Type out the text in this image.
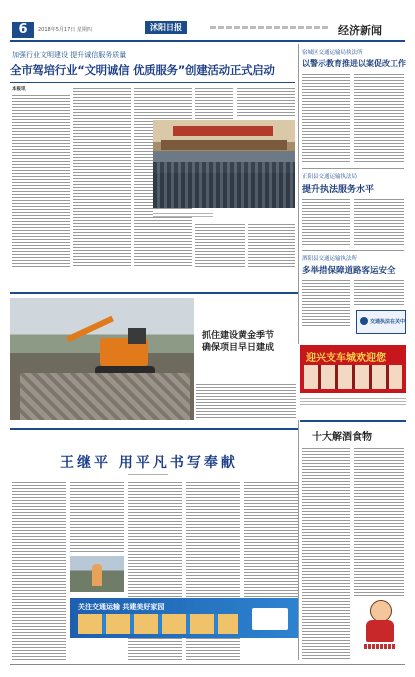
6	2018年5月17日 星期四	沭阳日报	经济新闻
加强行业文明建设 提升诚信服务质量
全市驾培行业“文明诚信 优质服务”创建活动正式启动
本报讯
宿城区交通运输局执法所
以警示教育推进以案促改工作
正阳县交通运输执法局
提升执法服务水平
泗阳县交通运输执法所
多举措保障道路客运安全
交通执法在关中
迎兴支车城欢迎您
抓住建设黄金季节
确保项目早日建成
王继平 用平凡书写奉献
关注交通运输 共建美好家园
十大解酒食物
